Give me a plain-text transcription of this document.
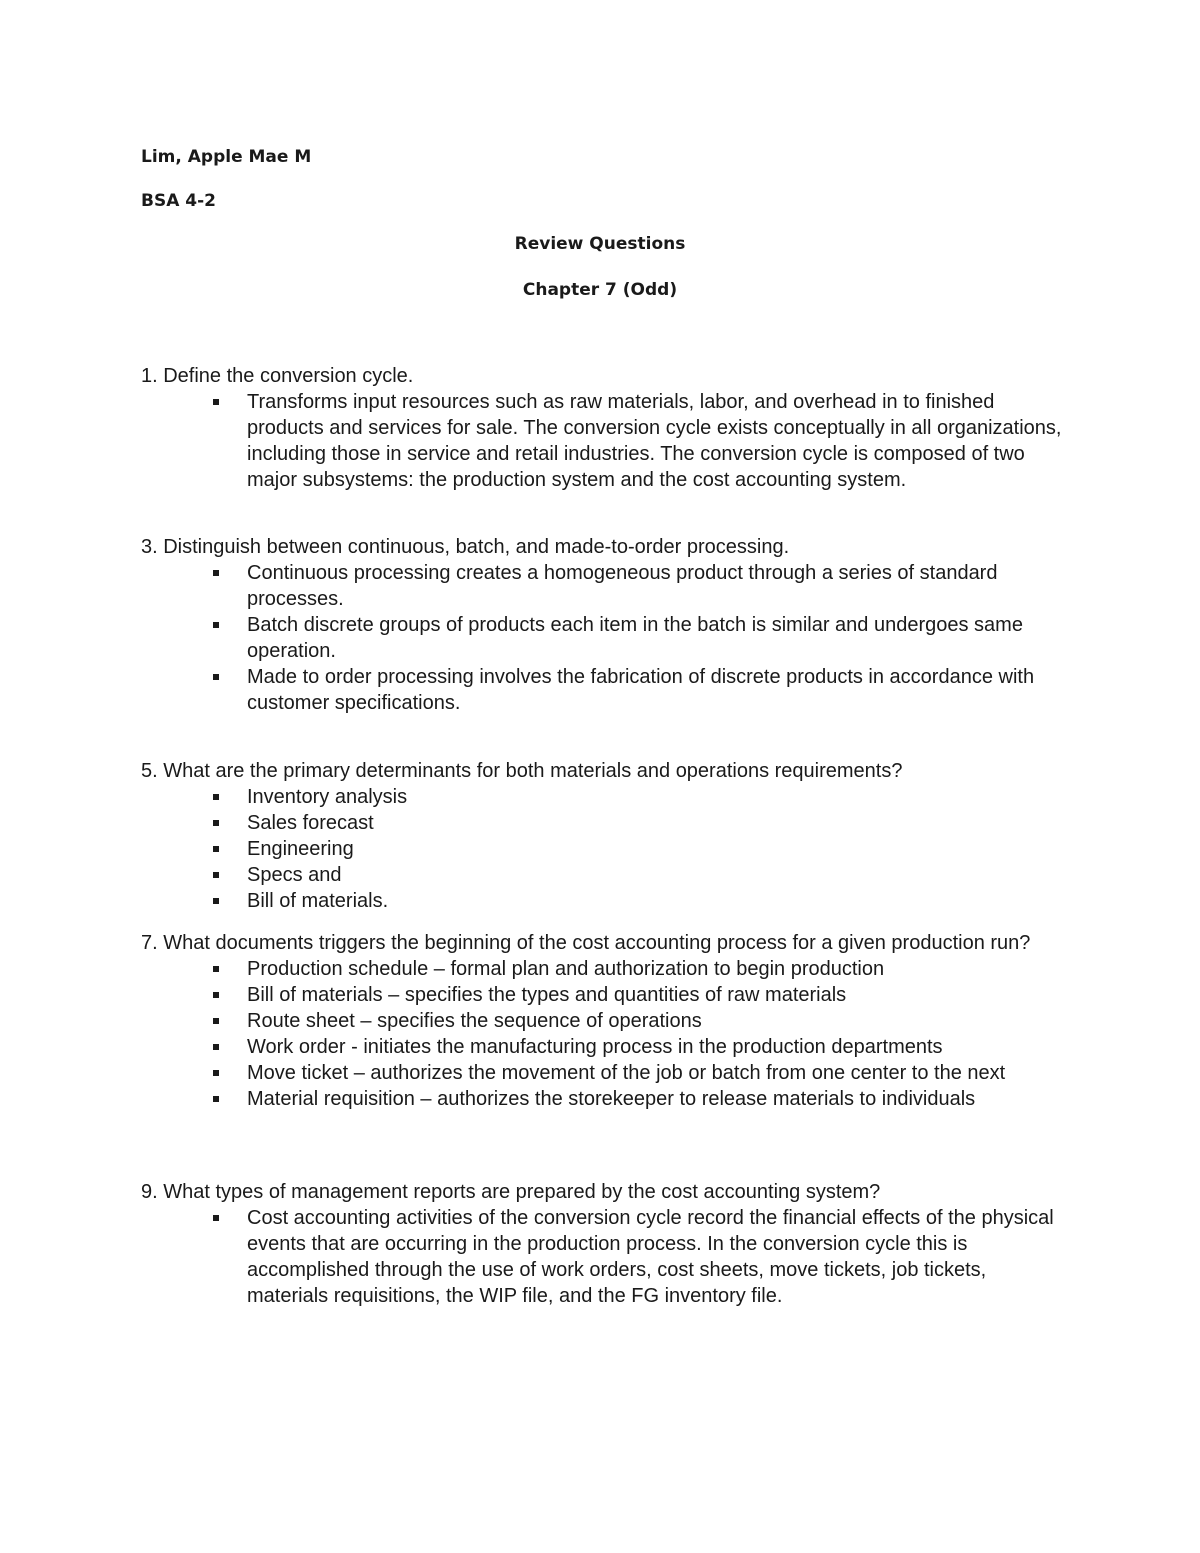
Lim, Apple Mae M
BSA 4-2
Review Questions
Chapter 7 (Odd)

1. Define the conversion cycle.

Transforms input resources such as raw materials, labor, and overhead in to finished products and services for sale. The conversion cycle exists conceptually in all organizations, including those in service and retail industries. The conversion cycle is composed of two major subsystems: the production system and the cost accounting system.

3. Distinguish between continuous, batch, and made-to-order processing.

Continuous processing creates a homogeneous product through a series of standard processes.
Batch discrete groups of products each item in the batch is similar and undergoes same operation.
Made to order processing involves the fabrication of discrete products in accordance with customer specifications.

5. What are the primary determinants for both materials and operations requirements?

Inventory analysis
Sales forecast
Engineering
Specs and
Bill of materials.

7. What documents triggers the beginning of the cost accounting process for a given production run?

Production schedule – formal plan and authorization to begin production
Bill of materials – specifies the types and quantities of raw materials
Route sheet – specifies the sequence of operations
Work order - initiates the manufacturing process in the production departments
Move ticket – authorizes the movement of the job or batch from one center to the next
Material requisition – authorizes the storekeeper to release materials to individuals

9. What types of management reports are prepared by the cost accounting system?

Cost accounting activities of the conversion cycle record the financial effects of the physical events that are occurring in the production process. In the conversion cycle this is accomplished through the use of work orders, cost sheets, move tickets, job tickets, materials requisitions, the WIP file, and the FG inventory file.
